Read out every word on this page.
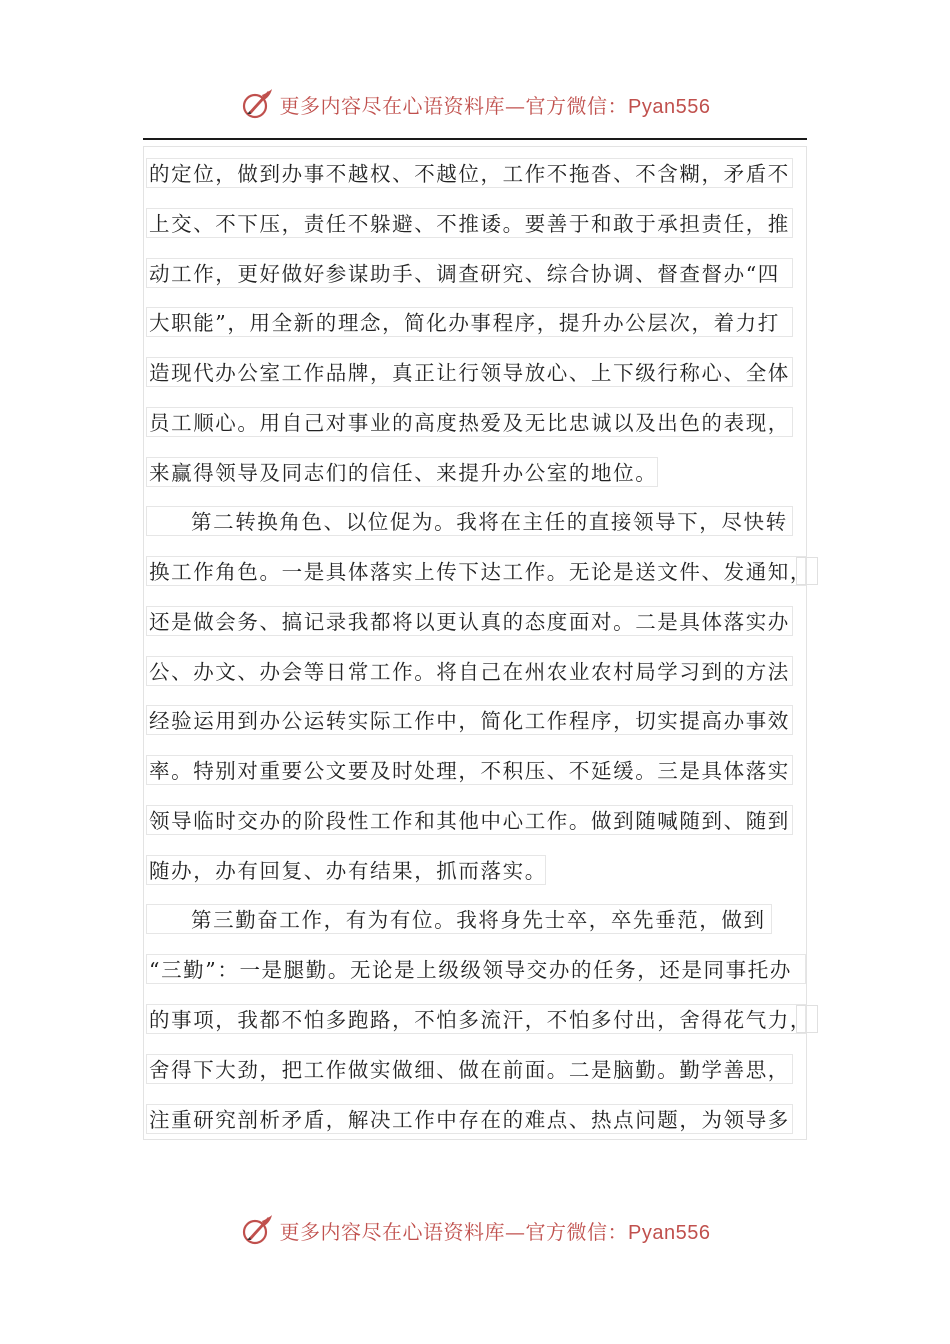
更多内容尽在心语资料库—官方微信：Pyan556
的定位，做到办事不越权、不越位，工作不拖沓、不含糊，矛盾不
上交、不下压，责任不躲避、不推诿。要善于和敢于承担责任，推
动工作，更好做好参谋助手、调查研究、综合协调、督查督办“四
大职能”，用全新的理念，简化办事程序，提升办公层次，着力打
造现代办公室工作品牌，真正让行领导放心、上下级行称心、全体
员工顺心。用自己对事业的高度热爱及无比忠诚以及出色的表现，
来赢得领导及同志们的信任、来提升办公室的地位。
第二转换角色、以位促为。我将在主任的直接领导下，尽快转
换工作角色。一是具体落实上传下达工作。无论是送文件、发通知，
还是做会务、搞记录我都将以更认真的态度面对。二是具体落实办
公、办文、办会等日常工作。将自己在州农业农村局学习到的方法
经验运用到办公运转实际工作中，简化工作程序，切实提高办事效
率。特别对重要公文要及时处理，不积压、不延缓。三是具体落实
领导临时交办的阶段性工作和其他中心工作。做到随喊随到、随到
随办，办有回复、办有结果，抓而落实。
第三勤奋工作，有为有位。我将身先士卒，卒先垂范，做到
“三勤”：一是腿勤。无论是上级级领导交办的任务，还是同事托办
的事项，我都不怕多跑路，不怕多流汗，不怕多付出，舍得花气力，
舍得下大劲，把工作做实做细、做在前面。二是脑勤。勤学善思，
注重研究剖析矛盾，解决工作中存在的难点、热点问题，为领导多
更多内容尽在心语资料库—官方微信：Pyan556
